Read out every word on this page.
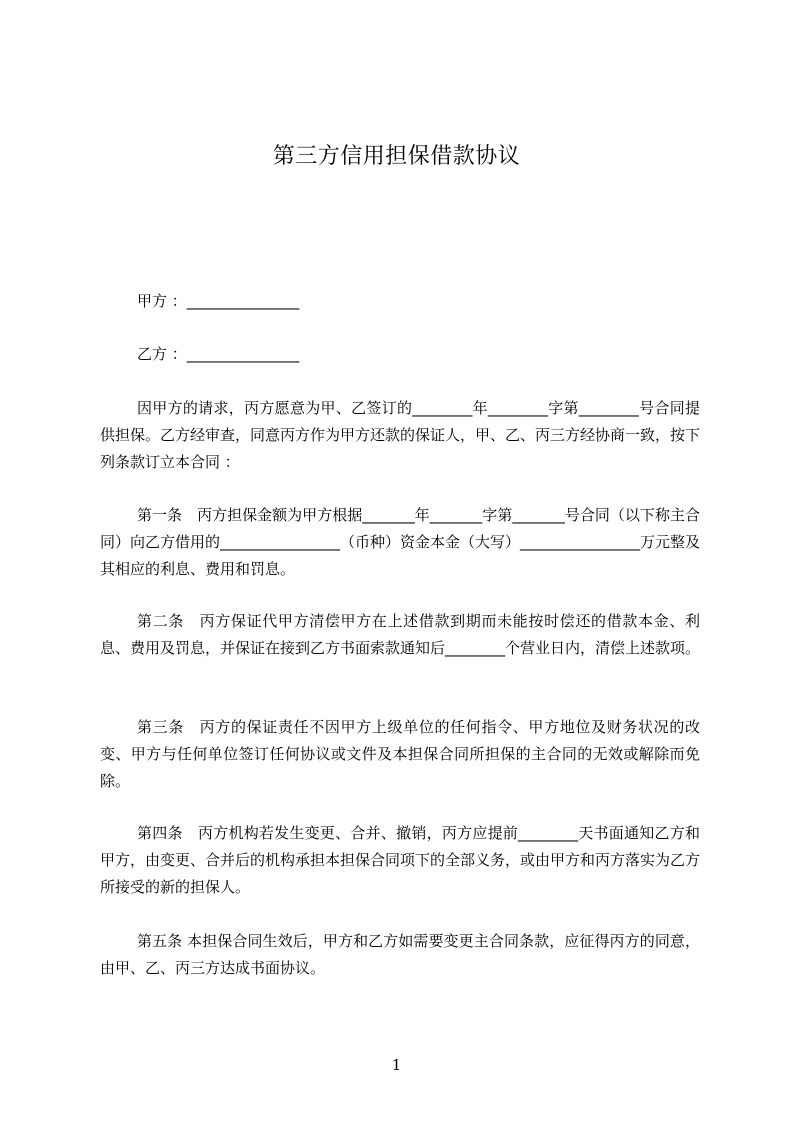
第三方信用担保借款协议
甲方 ：_______________
乙方 ：_______________

因甲方的请求，丙方愿意为甲、乙签订的________年________字第________号合同提供担保。乙方经审查，同意丙方作为甲方还款的保证人，甲、乙、丙三方经协商一致，按下列条款订立本合同 ：

第一条　丙方担保金额为甲方根据_______年_______字第_______号合同（以下称主合同）向乙方借用的________________（币种）资金本金（大写）________________万元整及其相应的利息、费用和罚息。

第二条　丙方保证代甲方清偿甲方在上述借款到期而未能按时偿还的借款本金、利息、费用及罚息，并保证在接到乙方书面索款通知后________个营业日内，清偿上述款项。

第三条　丙方的保证责任不因甲方上级单位的任何指令、甲方地位及财务状况的改变、甲方与任何单位签订任何协议或文件及本担保合同所担保的主合同的无效或解除而免除。

第四条　丙方机构若发生变更、合并、撤销，丙方应提前________天书面通知乙方和甲方，由变更、合并后的机构承担本担保合同项下的全部义务，或由甲方和丙方落实为乙方所接受的新的担保人。

第五条 本担保合同生效后，甲方和乙方如需要变更主合同条款，应征得丙方的同意，由甲、乙、丙三方达成书面协议。

1
